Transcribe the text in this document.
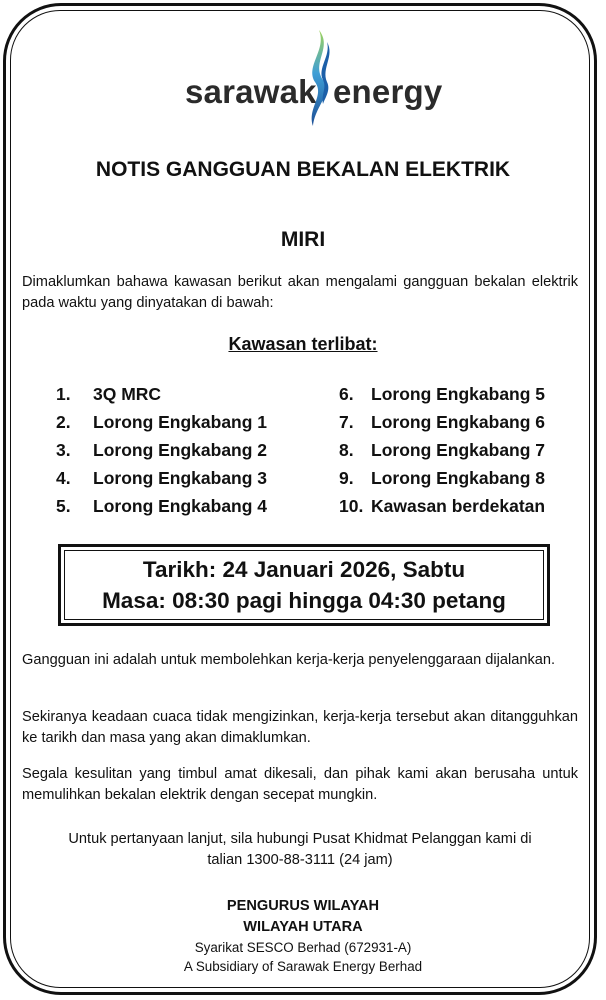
sarawak energy
NOTIS GANGGUAN BEKALAN ELEKTRIK
MIRI
Dimaklumkan bahawa kawasan berikut akan mengalami gangguan bekalan elektrik pada waktu yang dinyatakan di bawah:
Kawasan terlibat:
1. 3Q MRC
2. Lorong Engkabang 1
3. Lorong Engkabang 2
4. Lorong Engkabang 3
5. Lorong Engkabang 4
6. Lorong Engkabang 5
7. Lorong Engkabang 6
8. Lorong Engkabang 7
9. Lorong Engkabang 8
10. Kawasan berdekatan
Tarikh: 24 Januari 2026, Sabtu
Masa: 08:30 pagi hingga 04:30 petang
Gangguan ini adalah untuk membolehkan kerja-kerja penyelenggaraan dijalankan.
Sekiranya keadaan cuaca tidak mengizinkan, kerja-kerja tersebut akan ditangguhkan ke tarikh dan masa yang akan dimaklumkan.
Segala kesulitan yang timbul amat dikesali, dan pihak kami akan berusaha untuk memulihkan bekalan elektrik dengan secepat mungkin.
Untuk pertanyaan lanjut, sila hubungi Pusat Khidmat Pelanggan kami di
talian 1300-88-3111 (24 jam)
PENGURUS WILAYAH
WILAYAH UTARA
Syarikat SESCO Berhad (672931-A)
A Subsidiary of Sarawak Energy Berhad
